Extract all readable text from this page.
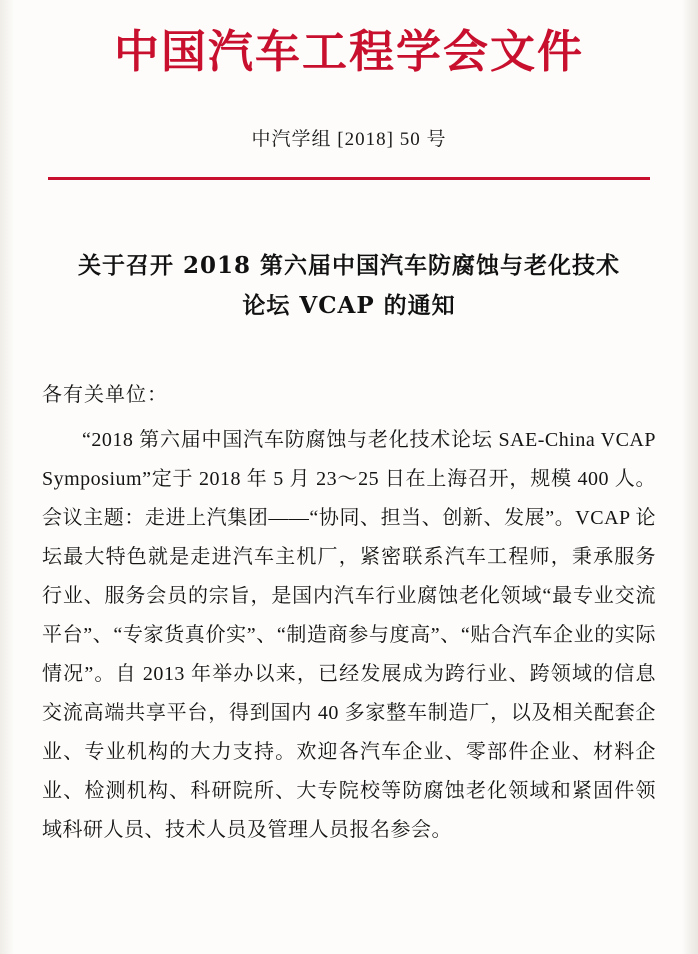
中国汽车工程学会文件
中汽学组 [2018] 50 号
关于召开 2018 第六届中国汽车防腐蚀与老化技术论坛 VCAP 的通知
各有关单位：
“2018 第六届中国汽车防腐蚀与老化技术论坛 SAE-China VCAP Symposium”定于 2018 年 5 月 23～25 日在上海召开，规模 400 人。会议主题：走进上汽集团——“协同、担当、创新、发展”。VCAP 论坛最大特色就是走进汽车主机厂，紧密联系汽车工程师，秉承服务行业、服务会员的宗旨，是国内汽车行业腐蚀老化领域“最专业交流平台”、“专家货真价实”、“制造商参与度高”、“贴合汽车企业的实际情况”。自 2013 年举办以来，已经发展成为跨行业、跨领域的信息交流高端共享平台，得到国内 40 多家整车制造厂，以及相关配套企业、专业机构的大力支持。欢迎各汽车企业、零部件企业、材料企业、检测机构、科研院所、大专院校等防腐蚀老化领域和紧固件领域科研人员、技术人员及管理人员报名参会。
